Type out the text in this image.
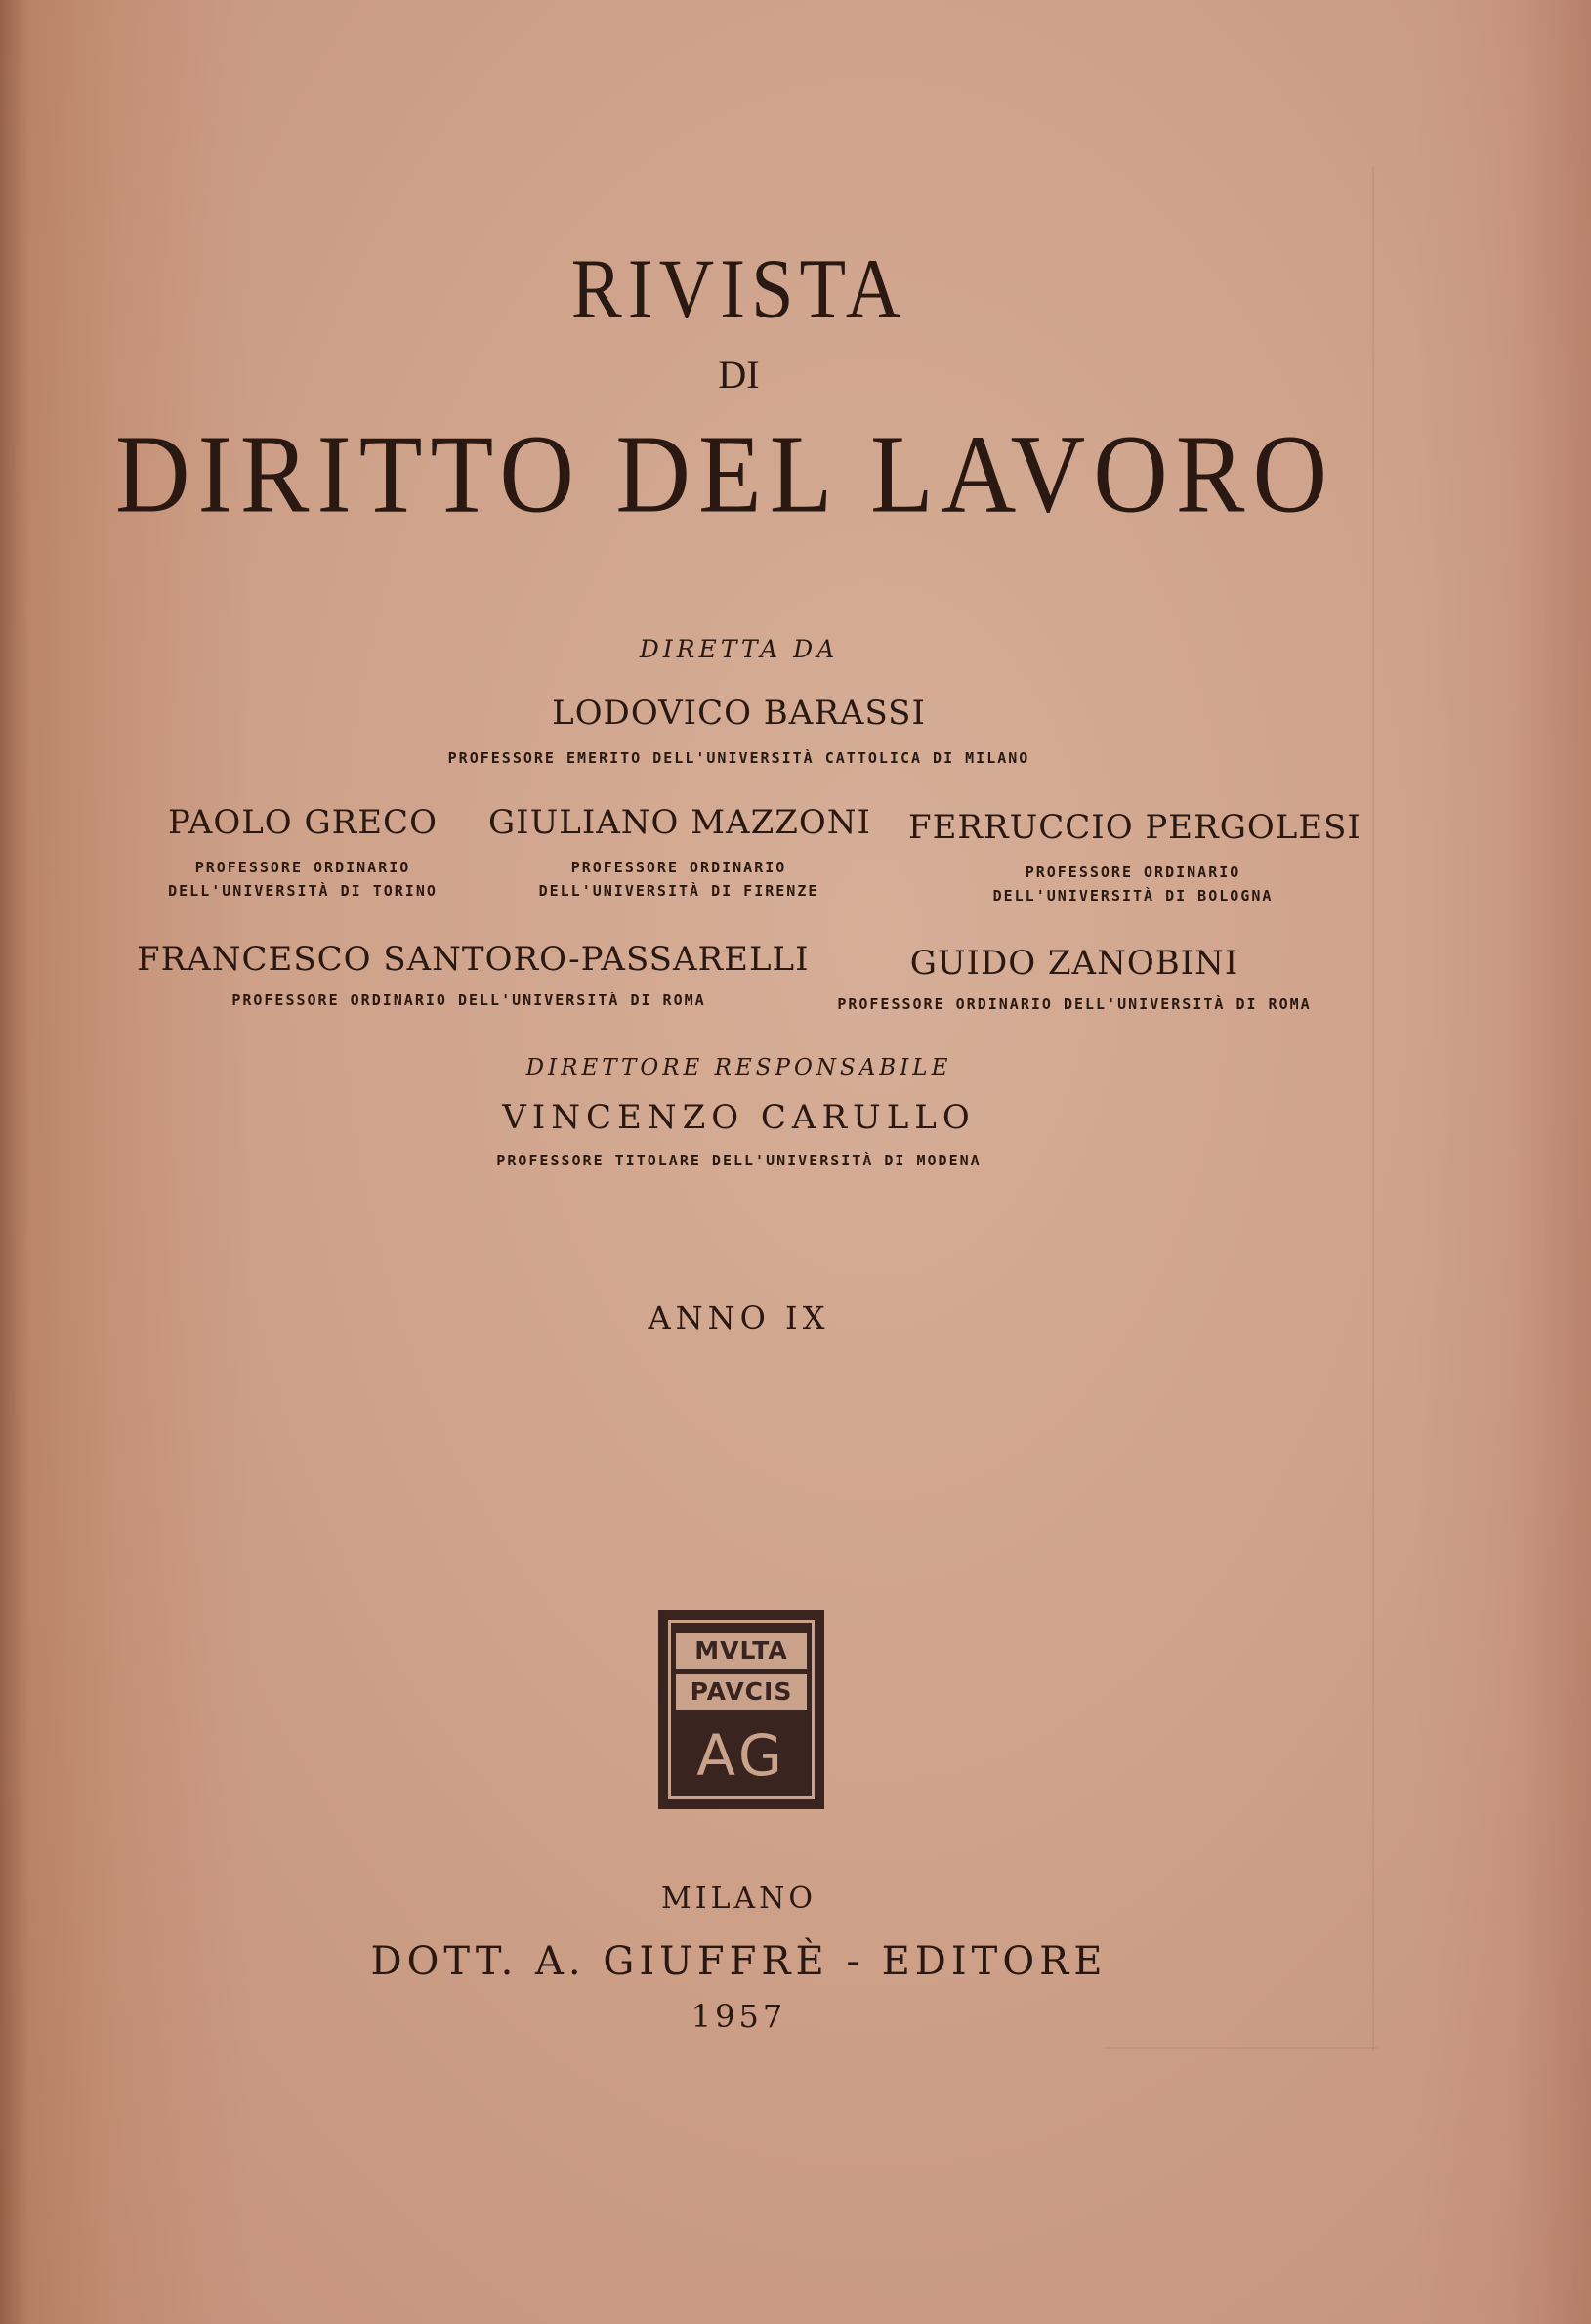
RIVISTA
DI
DIRITTO DEL LAVORO
DIRETTA DA
LODOVICO BARASSI
PROFESSORE EMERITO DELL'UNIVERSITÀ CATTOLICA DI MILANO
PAOLO GRECO
PROFESSORE ORDINARIO
DELL'UNIVERSITÀ DI TORINO
GIULIANO MAZZONI
PROFESSORE ORDINARIO
DELL'UNIVERSITÀ DI FIRENZE
FERRUCCIO PERGOLESI
PROFESSORE ORDINARIO
DELL'UNIVERSITÀ DI BOLOGNA
FRANCESCO SANTORO-PASSARELLI
PROFESSORE ORDINARIO DELL'UNIVERSITÀ DI ROMA
GUIDO ZANOBINI
PROFESSORE ORDINARIO DELL'UNIVERSITÀ DI ROMA
DIRETTORE RESPONSABILE
VINCENZO CARULLO
PROFESSORE TITOLARE DELL'UNIVERSITÀ DI MODENA
ANNO IX
MVLTA
PAVCIS
AG
MILANO
DOTT. A. GIUFFRÈ - EDITORE
1957
